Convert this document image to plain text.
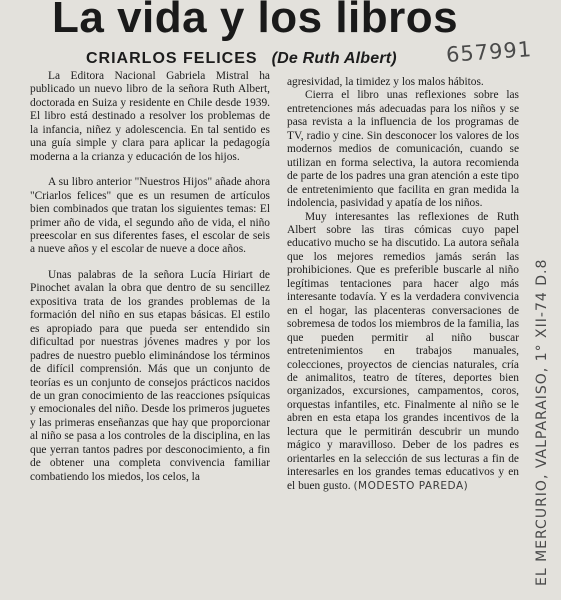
La vida y los libros
CRIARLOS FELICES (De Ruth Albert) 657991

La Editora Nacional Gabriela Mistral ha publicado un nuevo libro de la señora Ruth Albert, doctorada en Suiza y residente en Chile desde 1939. El libro está destinado a resolver los problemas de la infancia, niñez y adolescencia. En tal sentido es una guía simple y clara para aplicar la pedagogía moderna a la crianza y educación de los hijos.

A su libro anterior "Nuestros Hijos" añade ahora "Criarlos felices" que es un resumen de artículos bien combinados que tratan los siguientes temas: El primer año de vida, el segundo año de vida, el niño preescolar en sus diferentes fases, el escolar de seis a nueve años y el escolar de nueve a doce años.

Unas palabras de la señora Lucía Hiriart de Pinochet avalan la obra que dentro de su sencillez expositiva trata de los grandes problemas de la formación del niño en sus etapas básicas. El estilo es apropiado para que pueda ser entendido sin dificultad por nuestras jóvenes madres y por los padres de nuestro pueblo eliminándose los términos de difícil comprensión. Más que un conjunto de teorías es un conjunto de consejos prácticos nacidos de un gran conocimiento de las reacciones psíquicas y emocionales del niño. Desde los primeros juguetes y las primeras enseñanzas que hay que proporcionar al niño se pasa a los controles de la disciplina, en las que yerran tantos padres por desconocimiento, a fin de obtener una completa convivencia familiar combatiendo los miedos, los celos, la

agresividad, la timidez y los malos hábitos.

Cierra el libro unas reflexiones sobre las entretenciones más adecuadas para los niños y se pasa revista a la influencia de los programas de TV, radio y cine. Sin desconocer los valores de los modernos medios de comunicación, cuando se utilizan en forma selectiva, la autora recomienda de parte de los padres una gran atención a este tipo de entretenimiento que facilita en gran medida la indolencia, pasividad y apatía de los niños.

Muy interesantes las reflexiones de Ruth Albert sobre las tiras cómicas cuyo papel educativo mucho se ha discutido. La autora señala que los mejores remedios jamás serán las prohibiciones. Que es preferible buscarle al niño legítimas tentaciones para hacer algo más interesante todavía. Y es la verdadera convivencia en el hogar, las placenteras conversaciones de sobremesa de todos los miembros de la familia, las que pueden permitir al niño buscar entretenimientos en trabajos manuales, colecciones, proyectos de ciencias naturales, cría de animalitos, teatro de títeres, deportes bien organizados, excursiones, campamentos, coros, orquestas infantiles, etc. Finalmente al niño se le abren en esta etapa los grandes incentivos de la lectura que le permitirán descubrir un mundo mágico y maravilloso. Deber de los padres es orientarles en la selección de sus lecturas a fin de interesarles en los grandes temas educativos y en el buen gusto. (MODESTO PAREDA)	EL MERCURIO, VALPARAISO, 1° XII-74 D.8
